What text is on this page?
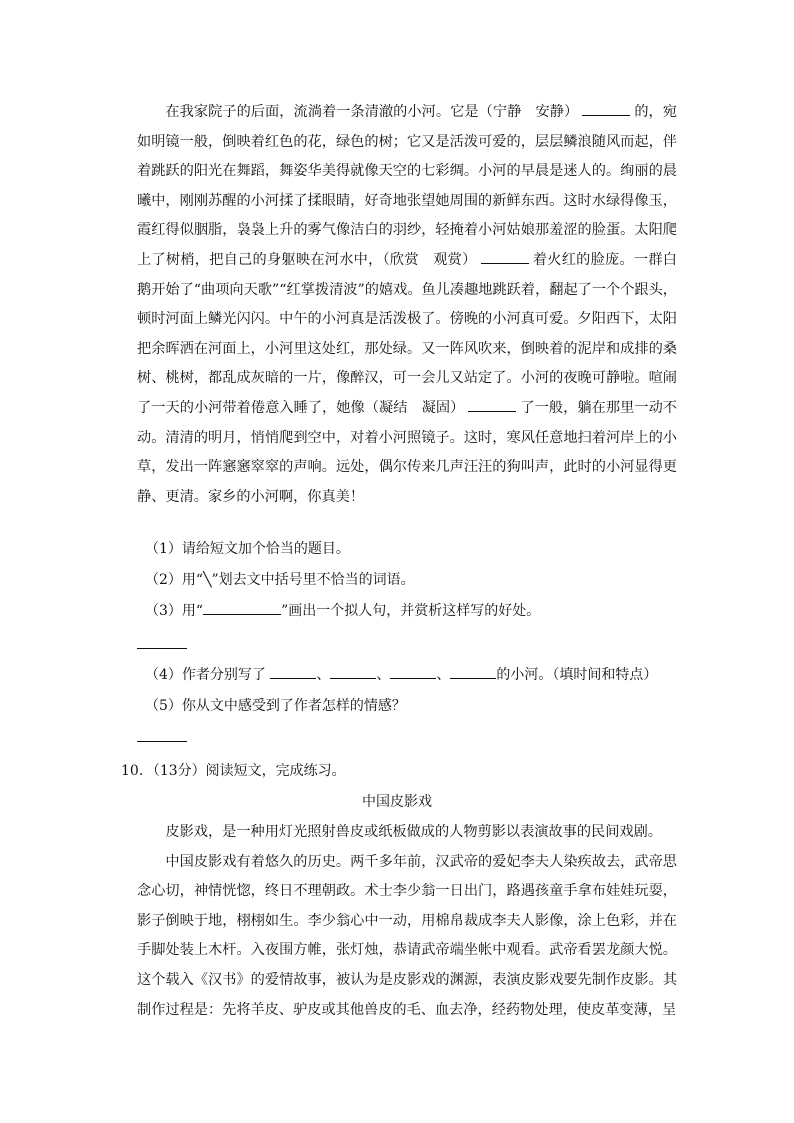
在我家院子的后面，流淌着一条清澈的小河。它是（宁静　安静）	的，宛如明镜一般，倒映着红色的花，绿色的树；它又是活泼可爱的，层层鳞浪随风而起，伴着跳跃的阳光在舞蹈，舞姿华美得就像天空的七彩绸。小河的早晨是迷人的。绚丽的晨曦中，刚刚苏醒的小河揉了揉眼睛，好奇地张望她周围的新鲜东西。这时水绿得像玉，霞红得似胭脂，袅袅上升的雾气像洁白的羽纱，轻掩着小河姑娘那羞涩的脸蛋。太阳爬上了树梢，把自己的身躯映在河水中，（欣赏　观赏）	着火红的脸庞。一群白鹅开始了“曲项向天歌”“红掌拨清波”的嬉戏。鱼儿凑趣地跳跃着，翻起了一个个跟头，顿时河面上鳞光闪闪。中午的小河真是活泼极了。傍晚的小河真可爱。夕阳西下，太阳把余晖洒在河面上，小河里这处红，那处绿。又一阵风吹来，倒映着的泥岸和成排的桑树、桃树，都乱成灰暗的一片，像醉汉，可一会儿又站定了。小河的夜晚可静啦。喧闹了一天的小河带着倦意入睡了，她像（凝结　凝固）	了一般，躺在那里一动不动。清清的明月，悄悄爬到空中，对着小河照镜子。这时，寒风任意地扫着河岸上的小草，发出一阵窸窸窣窣的声响。远处，偶尔传来几声汪汪的狗叫声，此时的小河显得更静、更清。家乡的小河啊，你真美！

（1）请给短文加个恰当的题目。
（2）用“╲”划去文中括号里不恰当的词语。
（3）用“	”画出一个拟人句，并赏析这样写的好处。
（4）作者分别写了	、	、	、	的小河。（填时间和特点）
（5）你从文中感受到了作者怎样的情感？
10．（13分）阅读短文，完成练习。
中国皮影戏

皮影戏，是一种用灯光照射兽皮或纸板做成的人物剪影以表演故事的民间戏剧。

中国皮影戏有着悠久的历史。两千多年前，汉武帝的爱妃李夫人染疾故去，武帝思念心切，神情恍惚，终日不理朝政。术士李少翁一日出门，路遇孩童手拿布娃娃玩耍，影子倒映于地，栩栩如生。李少翁心中一动，用棉帛裁成李夫人影像，涂上色彩，并在手脚处装上木杆。入夜围方帷，张灯烛，恭请武帝端坐帐中观看。武帝看罢龙颜大悦。这个载入《汉书》的爱情故事，被认为是皮影戏的渊源，表演皮影戏要先制作皮影。其制作过程是：先将羊皮、驴皮或其他兽皮的毛、血去净，经药物处理，使皮革变薄，呈
